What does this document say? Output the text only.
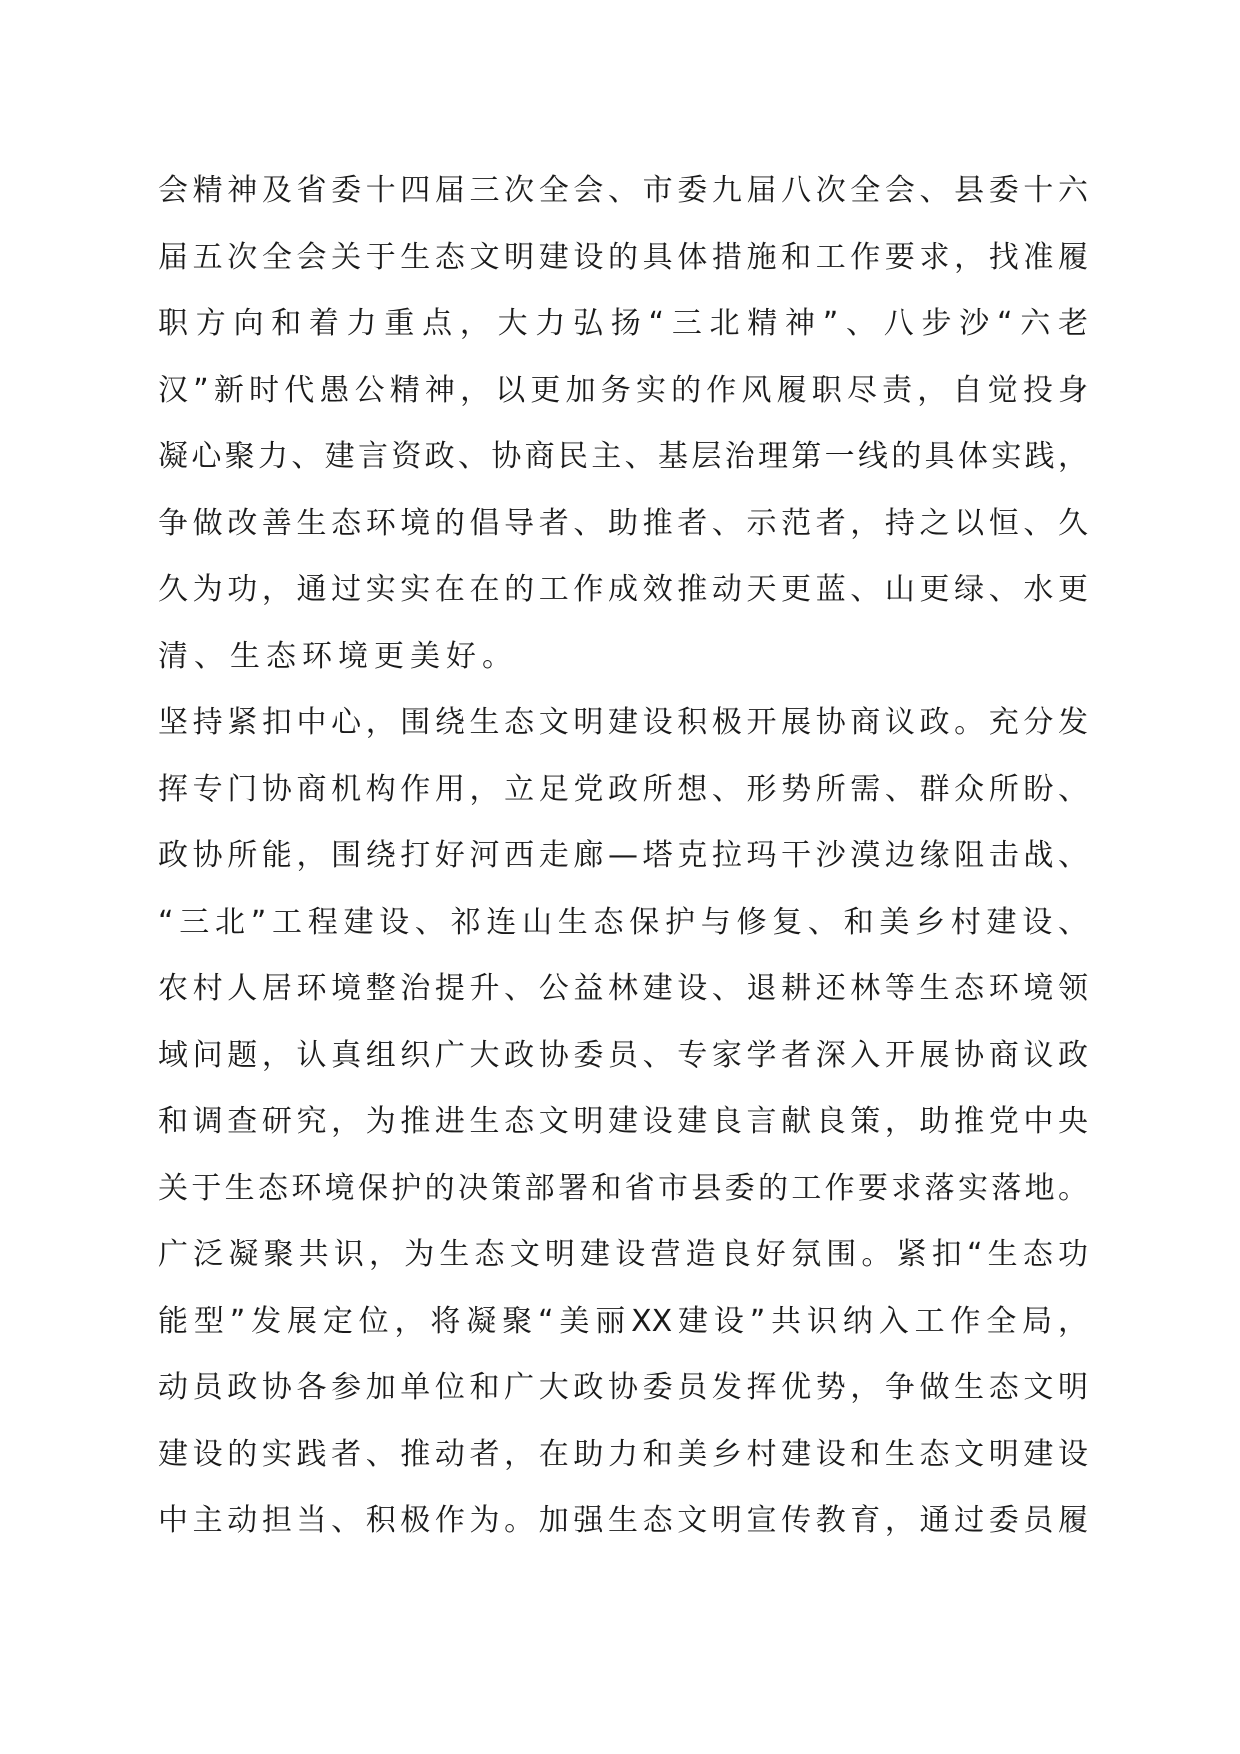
会精神及省委十四届三次全会、市委九届八次全会、县委十六
届五次全会关于生态文明建设的具体措施和工作要求，找准履
职方向和着力重点，大力弘扬“三北精神”、八步沙“六老
汉”新时代愚公精神，以更加务实的作风履职尽责，自觉投身
凝心聚力、建言资政、协商民主、基层治理第一线的具体实践，
争做改善生态环境的倡导者、助推者、示范者，持之以恒、久
久为功，通过实实在在的工作成效推动天更蓝、山更绿、水更
清、生态环境更美好。
坚持紧扣中心，围绕生态文明建设积极开展协商议政。充分发
挥专门协商机构作用，立足党政所想、形势所需、群众所盼、
政协所能，围绕打好河西走廊—塔克拉玛干沙漠边缘阻击战、
“三北”工程建设、祁连山生态保护与修复、和美乡村建设、
农村人居环境整治提升、公益林建设、退耕还林等生态环境领
域问题，认真组织广大政协委员、专家学者深入开展协商议政
和调查研究，为推进生态文明建设建良言献良策，助推党中央
关于生态环境保护的决策部署和省市县委的工作要求落实落地。
广泛凝聚共识，为生态文明建设营造良好氛围。紧扣“生态功
能型”发展定位，将凝聚“美丽XX建设”共识纳入工作全局，
动员政协各参加单位和广大政协委员发挥优势，争做生态文明
建设的实践者、推动者，在助力和美乡村建设和生态文明建设
中主动担当、积极作为。加强生态文明宣传教育，通过委员履
